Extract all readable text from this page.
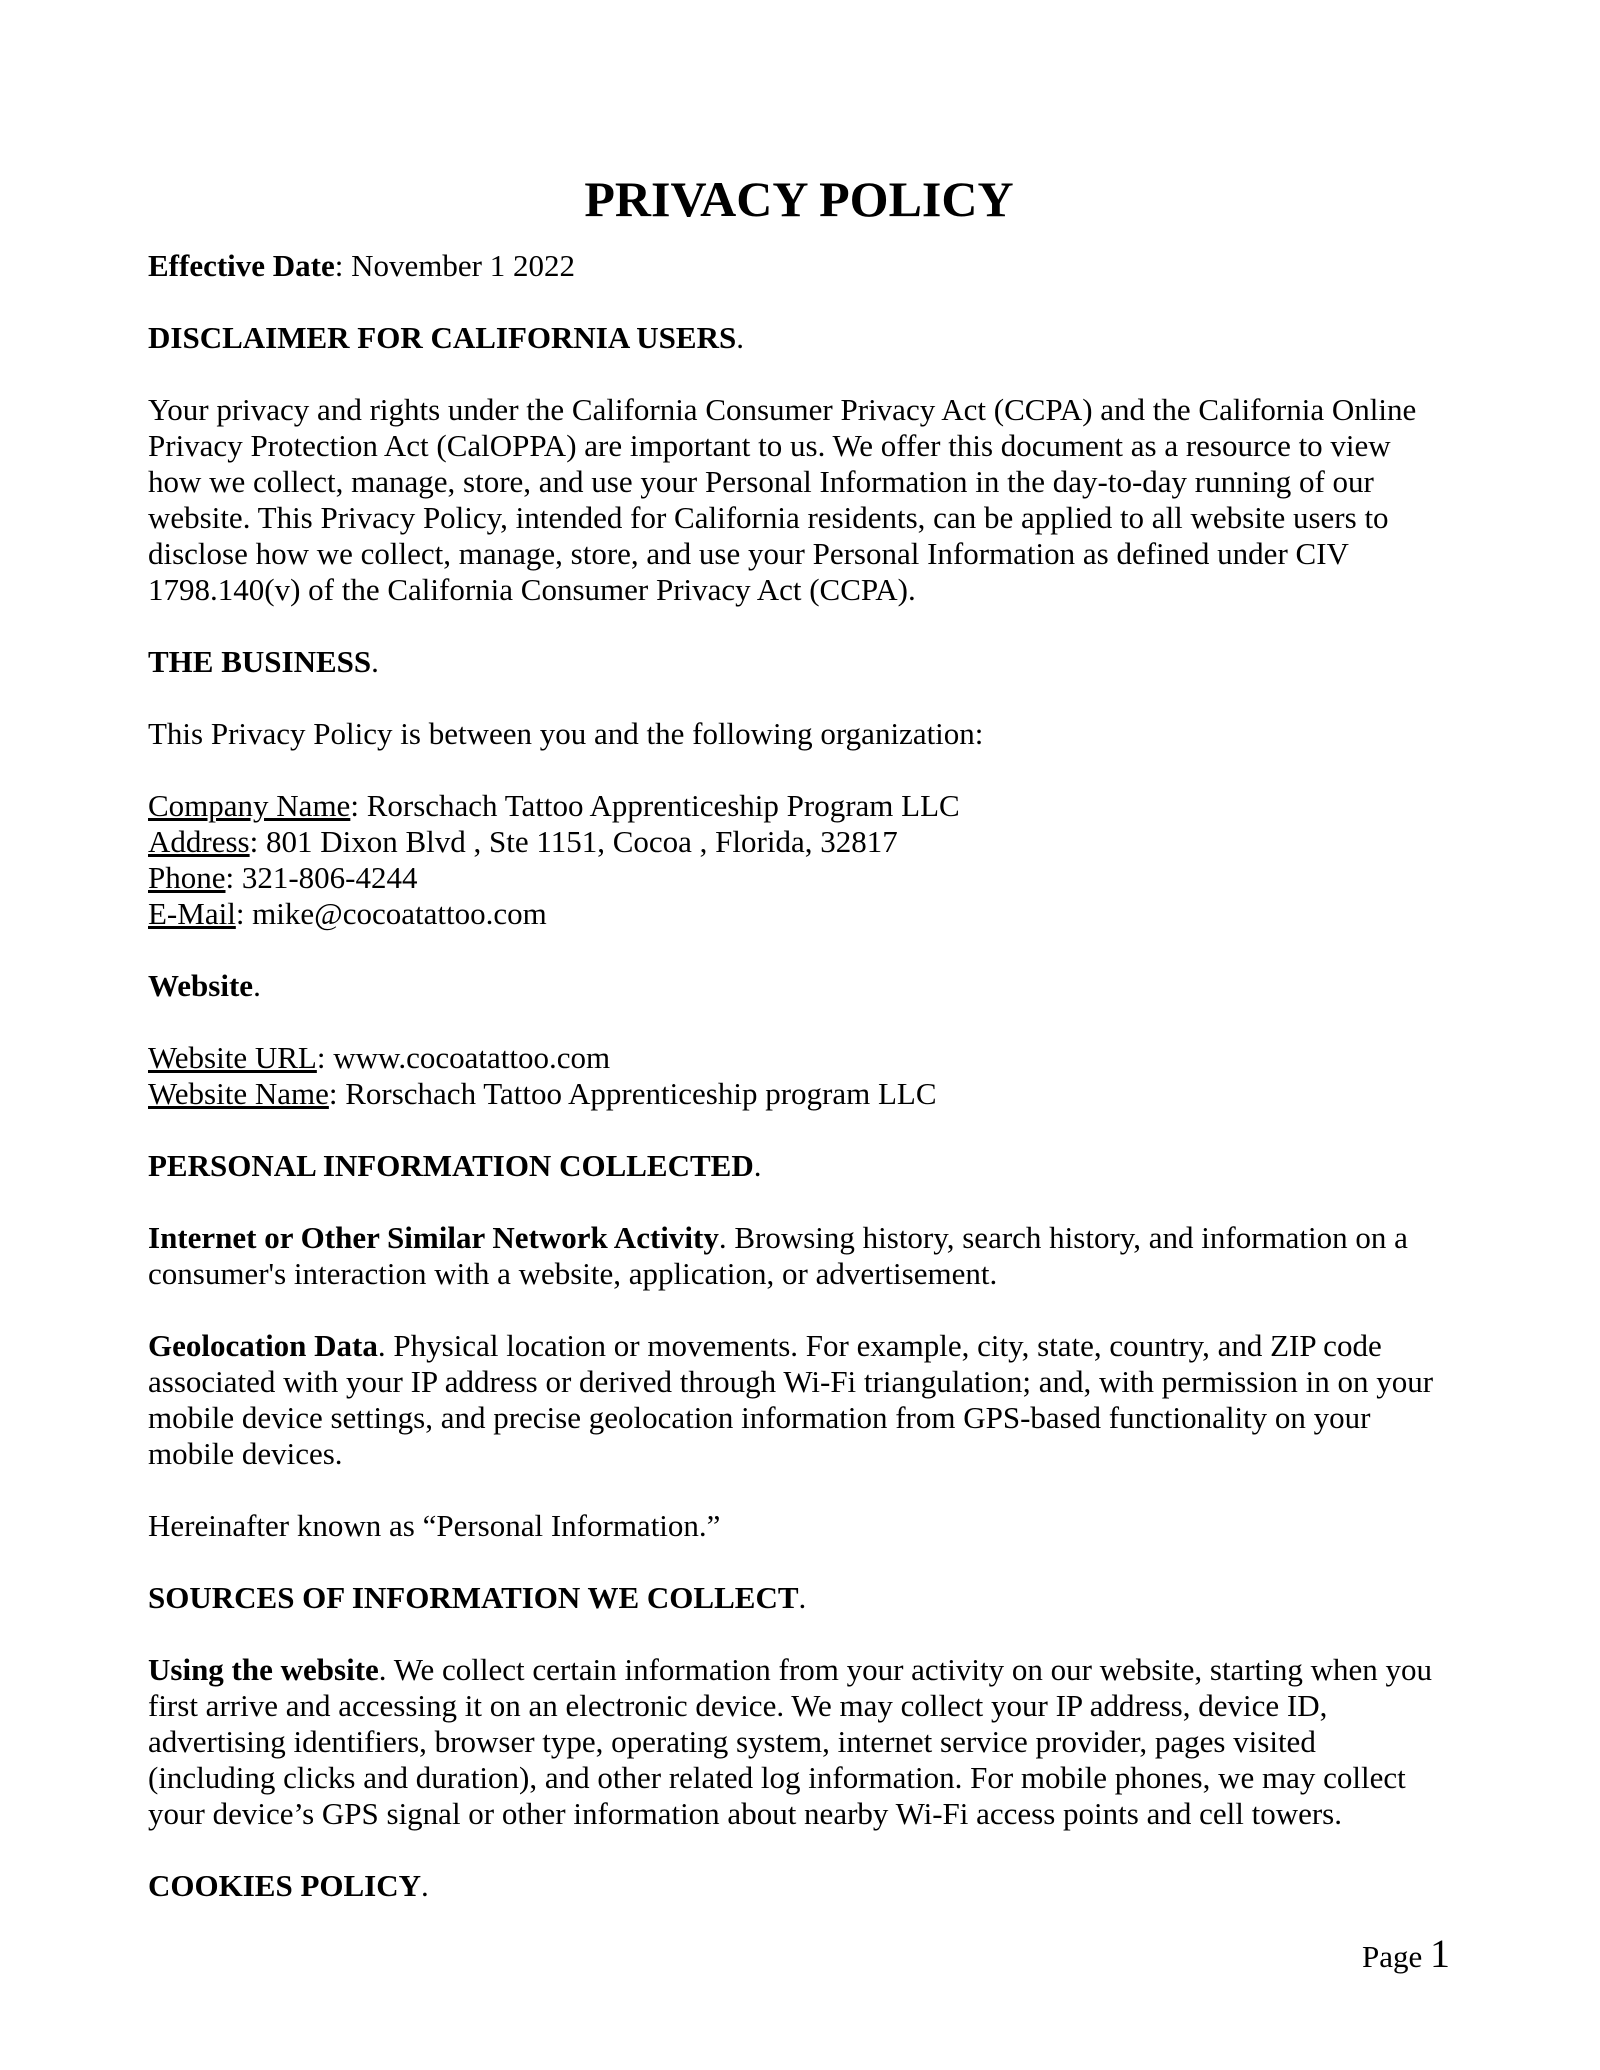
PRIVACY POLICY

Effective Date: November 1 2022

DISCLAIMER FOR CALIFORNIA USERS.

Your privacy and rights under the California Consumer Privacy Act (CCPA) and the California Online Privacy Protection Act (CalOPPA) are important to us. We offer this document as a resource to view how we collect, manage, store, and use your Personal Information in the day-to-day running of our website. This Privacy Policy, intended for California residents, can be applied to all website users to disclose how we collect, manage, store, and use your Personal Information as defined under CIV 1798.140(v) of the California Consumer Privacy Act (CCPA).

THE BUSINESS.

This Privacy Policy is between you and the following organization:

Company Name: Rorschach Tattoo Apprenticeship Program LLC
Address: 801 Dixon Blvd , Ste 1151, Cocoa , Florida, 32817
Phone: 321-806-4244
E-Mail: mike@cocoatattoo.com

Website.

Website URL: www.cocoatattoo.com
Website Name: Rorschach Tattoo Apprenticeship program LLC

PERSONAL INFORMATION COLLECTED.

Internet or Other Similar Network Activity. Browsing history, search history, and information on a consumer's interaction with a website, application, or advertisement.

Geolocation Data. Physical location or movements. For example, city, state, country, and ZIP code associated with your IP address or derived through Wi-Fi triangulation; and, with permission in on your mobile device settings, and precise geolocation information from GPS-based functionality on your mobile devices.

Hereinafter known as “Personal Information.”

SOURCES OF INFORMATION WE COLLECT.

Using the website. We collect certain information from your activity on our website, starting when you first arrive and accessing it on an electronic device. We may collect your IP address, device ID, advertising identifiers, browser type, operating system, internet service provider, pages visited (including clicks and duration), and other related log information. For mobile phones, we may collect your device’s GPS signal or other information about nearby Wi-Fi access points and cell towers.

COOKIES POLICY.

Page 1
